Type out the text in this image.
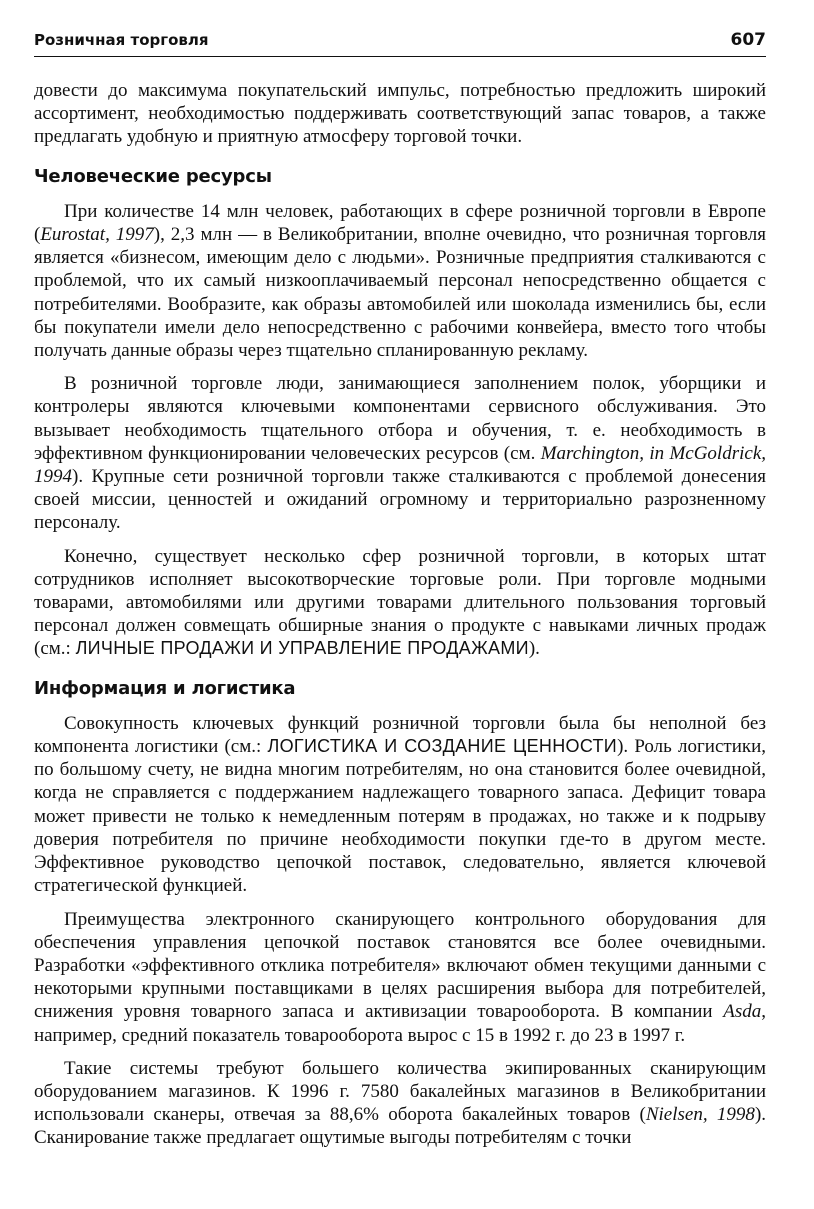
Розничная торговля	607

довести до максимума покупательский импульс, потребностью предложить широкий ассортимент, необходимостью поддерживать соответствующий запас товаров, а также предлагать удобную и приятную атмосферу торговой точки.

Человеческие ресурсы

При количестве 14 млн человек, работающих в сфере розничной торговли в Европе (Eurostat, 1997), 2,3 млн — в Великобритании, вполне очевидно, что розничная торговля является «бизнесом, имеющим дело с людьми». Розничные предприятия сталкиваются с проблемой, что их самый низкооплачиваемый персонал непосредственно общается с потребителями. Вообразите, как образы автомобилей или шоколада изменились бы, если бы покупатели имели дело непосредственно с рабочими конвейера, вместо того чтобы получать данные образы через тщательно спланированную рекламу.

В розничной торговле люди, занимающиеся заполнением полок, уборщики и контролеры являются ключевыми компонентами сервисного обслуживания. Это вызывает необходимость тщательного отбора и обучения, т. е. необходимость в эффективном функционировании человеческих ресурсов (см. Marchington, in McGoldrick, 1994). Крупные сети розничной торговли также сталкиваются с проблемой донесения своей миссии, ценностей и ожиданий огромному и территориально разрозненному персоналу.

Конечно, существует несколько сфер розничной торговли, в которых штат сотрудников исполняет высокотворческие торговые роли. При торговле модными товарами, автомобилями или другими товарами длительного пользования торговый персонал должен совмещать обширные знания о продукте с навыками личных продаж (см.: ЛИЧНЫЕ ПРОДАЖИ И УПРАВЛЕНИЕ ПРОДАЖАМИ).

Информация и логистика

Совокупность ключевых функций розничной торговли была бы неполной без компонента логистики (см.: ЛОГИСТИКА И СОЗДАНИЕ ЦЕННОСТИ). Роль логистики, по большому счету, не видна многим потребителям, но она становится более очевидной, когда не справляется с поддержанием надлежащего товарного запаса. Дефицит товара может привести не только к немедленным потерям в продажах, но также и к подрыву доверия потребителя по причине необходимости покупки где-то в другом месте. Эффективное руководство цепочкой поставок, следовательно, является ключевой стратегической функцией.

Преимущества электронного сканирующего контрольного оборудования для обеспечения управления цепочкой поставок становятся все более очевидными. Разработки «эффективного отклика потребителя» включают обмен текущими данными с некоторыми крупными поставщиками в целях расширения выбора для потребителей, снижения уровня товарного запаса и активизации товарооборота. В компании Asda, например, средний показатель товарооборота вырос с 15 в 1992 г. до 23 в 1997 г.

Такие системы требуют большего количества экипированных сканирующим оборудованием магазинов. К 1996 г. 7580 бакалейных магазинов в Великобритании использовали сканеры, отвечая за 88,6% оборота бакалейных товаров (Nielsen, 1998). Сканирование также предлагает ощутимые выгоды потребителям с точки
